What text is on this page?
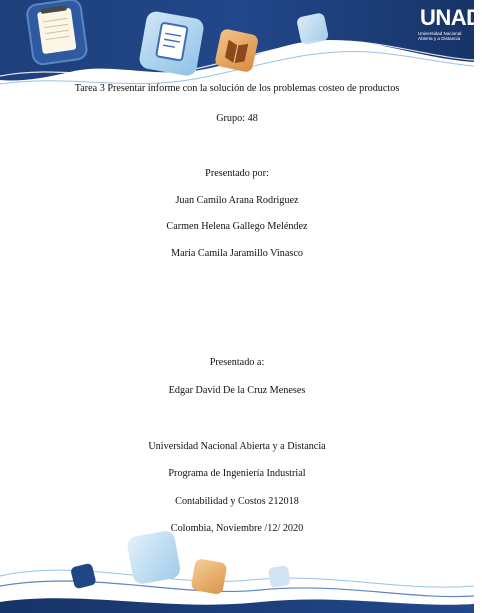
UNAD
Universidad Nacional
Abierta y a Distancia
Tarea 3 Presentar informe con la solución de los problemas costeo de productos
Grupo: 48
Presentado por:
Juan Camilo Arana Rodriguez
Carmen Helena Gallego Meléndez
Maria Camila Jaramillo Vinasco
Presentado a:
Edgar David De la Cruz Meneses
Universidad Nacional Abierta y a Distancia
Programa de Ingeniería Industrial
Contabilidad y Costos 212018
Colombia, Noviembre /12/ 2020
